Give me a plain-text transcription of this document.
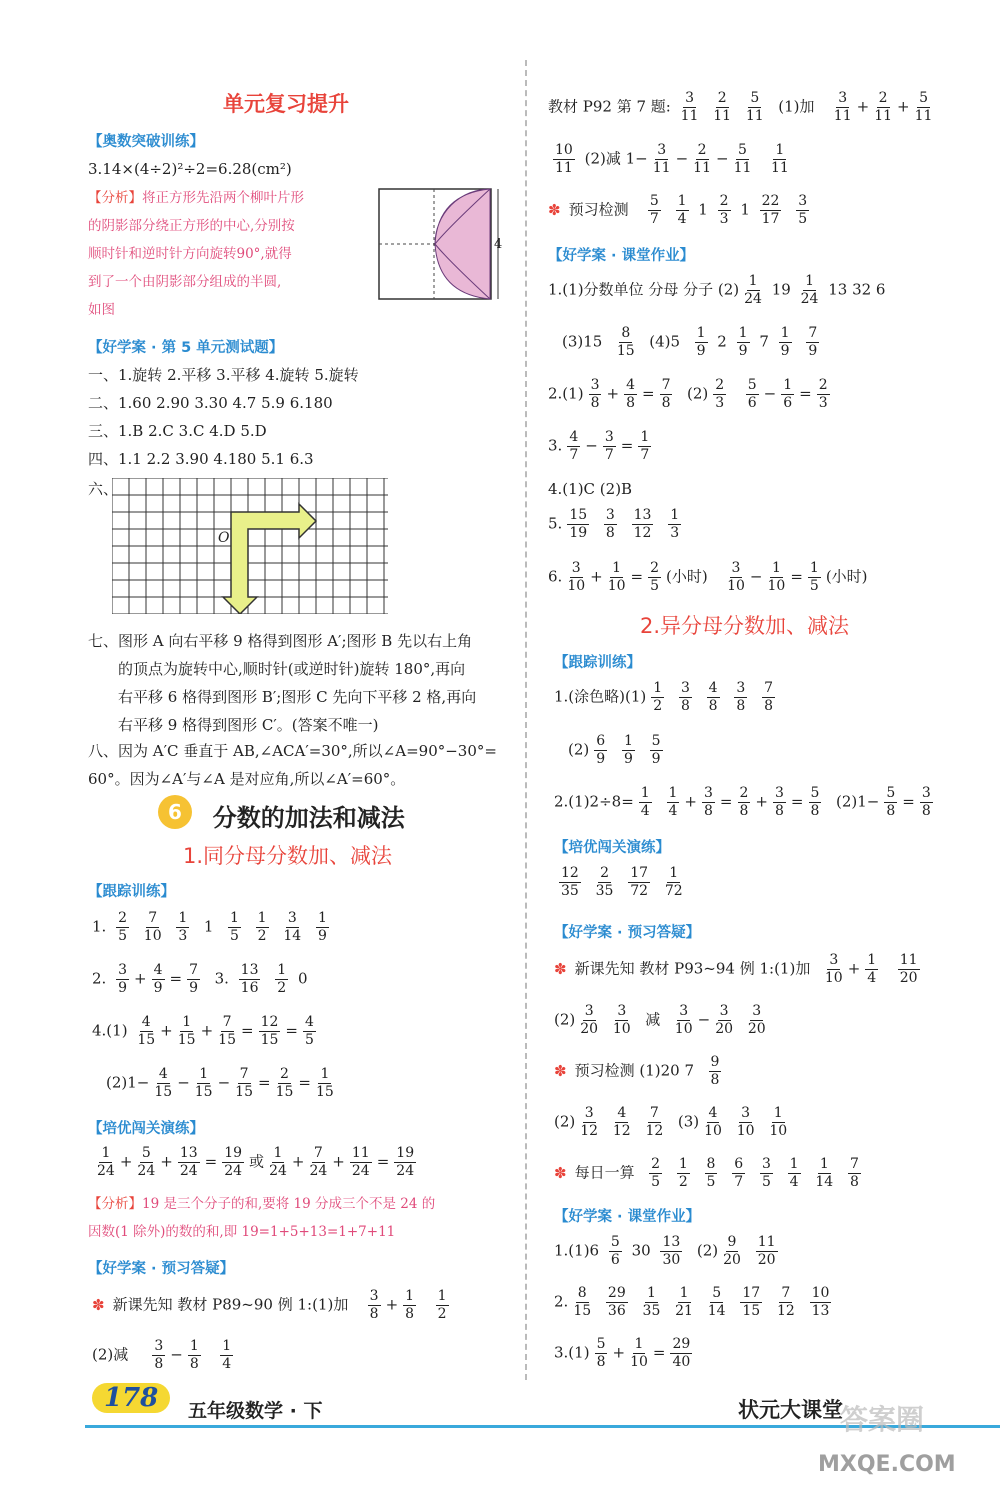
单元复习提升
【奥数突破训练】
3.14×(4÷2)²÷2=6.28(cm²)
【分析】将正方形先沿两个柳叶片形
的阴影部分绕正方形的中心,分别按
顺时针和逆时针方向旋转90°,就得
到了一个由阴影部分组成的半圆,
如图
4
【好学案 · 第 5 单元测试题】
一、1.旋转 2.平移 3.平移 4.旋转 5.旋转
二、1.60 2.90 3.30 4.7 5.9 6.180
三、1.B 2.C 3.C 4.D 5.D
四、1.1 2.2 3.90 4.180 5.1 6.3
六、
O
七、图形 A 向右平移 9 格得到图形 A′;图形 B 先以右上角
的顶点为旋转中心,顺时针(或逆时针)旋转 180°,再向
右平移 6 格得到图形 B′;图形 C 先向下平移 2 格,再向
右平移 9 格得到图形 C′。(答案不唯一)
八、因为 A′C 垂直于 AB,∠ACA′=30°,所以∠A=90°−30°=
60°。因为∠A′与∠A 是对应角,所以∠A′=60°。
6 分数的加法和减法
1.同分母分数加、减法
【跟踪训练】
1. $\frac{2}{5}$
$\frac{7}{10}$
$\frac{1}{3} 1 \frac{1}{5}$
$\frac{1}{2}$
$\frac{3}{14}$
$\frac{1}{9}$
2. $\frac{3}{9} + \frac{4}{9} = \frac{7}{9} 3$. $\frac{13}{16}$
$\frac{1}{2} 0$
$4.(1) \frac{4}{15} + \frac{1}{15} + \frac{7}{15} = \frac{12}{15} = \frac{4}{5}$
$(2)1- \frac{4}{15} - \frac{1}{15} - \frac{7}{15} = \frac{2}{15} = \frac{1}{15}$
【培优闯关演练】
$\frac{1}{24} + \frac{5}{24} + \frac{13}{24} = \frac{19}{24}$ 或 $\frac{1}{24} + \frac{7}{24} + \frac{11}{24} = \frac{19}{24}$
【分析】19 是三个分子的和,要将 19 分成三个不是 24 的
因数(1 除外)的数的和,即 19=1+5+13=1+7+11
【好学案 · 预习答疑】
✽ 新课先知 教材 P89~90 例 1:(1)加 $\frac{3}{8} + \frac{1}{8}$
$\frac{1}{2}$
(2)减 $\frac{3}{8} - \frac{1}{8}$
$\frac{1}{4}$
教材 P92 第 7 题: $\frac{3}{11}$
$\frac{2}{11}$
$\frac{5}{11} (1)$加 $\frac{3}{11} + \frac{2}{11} + \frac{5}{11}$
$\frac{10}{11} (2)$减 $1- \frac{3}{11} - \frac{2}{11} - \frac{5}{11}$
$\frac{1}{11}$
✽ 预习检测 $\frac{5}{7}$
$\frac{1}{4} 1 \frac{2}{3} 1 \frac{22}{17}$
$\frac{3}{5}$
【好学案 · 课堂作业】
1.(1)分数单位 分母 分子 $(2) \frac{1}{24} 19 \frac{1}{24} 13$ 32 6
$(3)15 \frac{8}{15} (4)5 \frac{1}{9} 2 \frac{1}{9} 7 \frac{1}{9}$
$\frac{7}{9}$
$2.(1) \frac{3}{8} + \frac{4}{8} = \frac{7}{8} (2) \frac{2}{3}$
$\frac{5}{6} - \frac{1}{6} = \frac{2}{3}$
3. $\frac{4}{7} - \frac{3}{7} = \frac{1}{7}$
4.(1)C (2)B
5. $\frac{15}{19}$
$\frac{3}{8}$
$\frac{13}{12}$
$\frac{1}{3}$
6. $\frac{3}{10} + \frac{1}{10} = \frac{2}{5}$ (小时) $\frac{3}{10} - \frac{1}{10} = \frac{1}{5}$ (小时)
2.异分母分数加、减法
【跟踪训练】
1.(涂色略)$(1) \frac{1}{2}$
$\frac{3}{8}$
$\frac{4}{8}$
$\frac{3}{8}$
$\frac{7}{8}$
$(2) \frac{6}{9}$
$\frac{1}{9}$
$\frac{5}{9}$
$2.(1)2\div 8= \frac{1}{4}$
$\frac{1}{4} + \frac{3}{8} = \frac{2}{8} + \frac{3}{8} = \frac{5}{8} (2)1- \frac{5}{8} = \frac{3}{8}$
【培优闯关演练】
$\frac{12}{35}$
$\frac{2}{35}$
$\frac{17}{72}$
$\frac{1}{72}$
【好学案 · 预习答疑】
✽ 新课先知 教材 P93~94 例 1:(1)加 $\frac{3}{10} + \frac{1}{4}$
$\frac{11}{20}$
$(2) \frac{3}{20}$
$\frac{3}{10}$ 减 $\frac{3}{10} - \frac{3}{20}$
$\frac{3}{20}$
✽ 预习检测 (1)20 $7 \frac{9}{8}$
$(2) \frac{3}{12}$
$\frac{4}{12}$
$\frac{7}{12} (3) \frac{4}{10}$
$\frac{3}{10}$
$\frac{1}{10}$
✽ 每日一算 $\frac{2}{5}$
$\frac{1}{2}$
$\frac{8}{5}$
$\frac{6}{7}$
$\frac{3}{5}$
$\frac{1}{4}$
$\frac{1}{14}$
$\frac{7}{8}$
【好学案 · 课堂作业】
$1.(1)6 \frac{5}{6} 30 \frac{13}{30} (2) \frac{9}{20}$
$\frac{11}{20}$
2. $\frac{8}{15}$
$\frac{29}{36}$
$\frac{1}{35}$
$\frac{1}{21}$
$\frac{5}{14}$
$\frac{17}{15}$
$\frac{7}{12}$
$\frac{10}{13}$
$3.(1) \frac{5}{8} + \frac{1}{10} = \frac{29}{40}$
178	五年级数学 · 下	状元大课堂
答案圈
MXQE.COM
